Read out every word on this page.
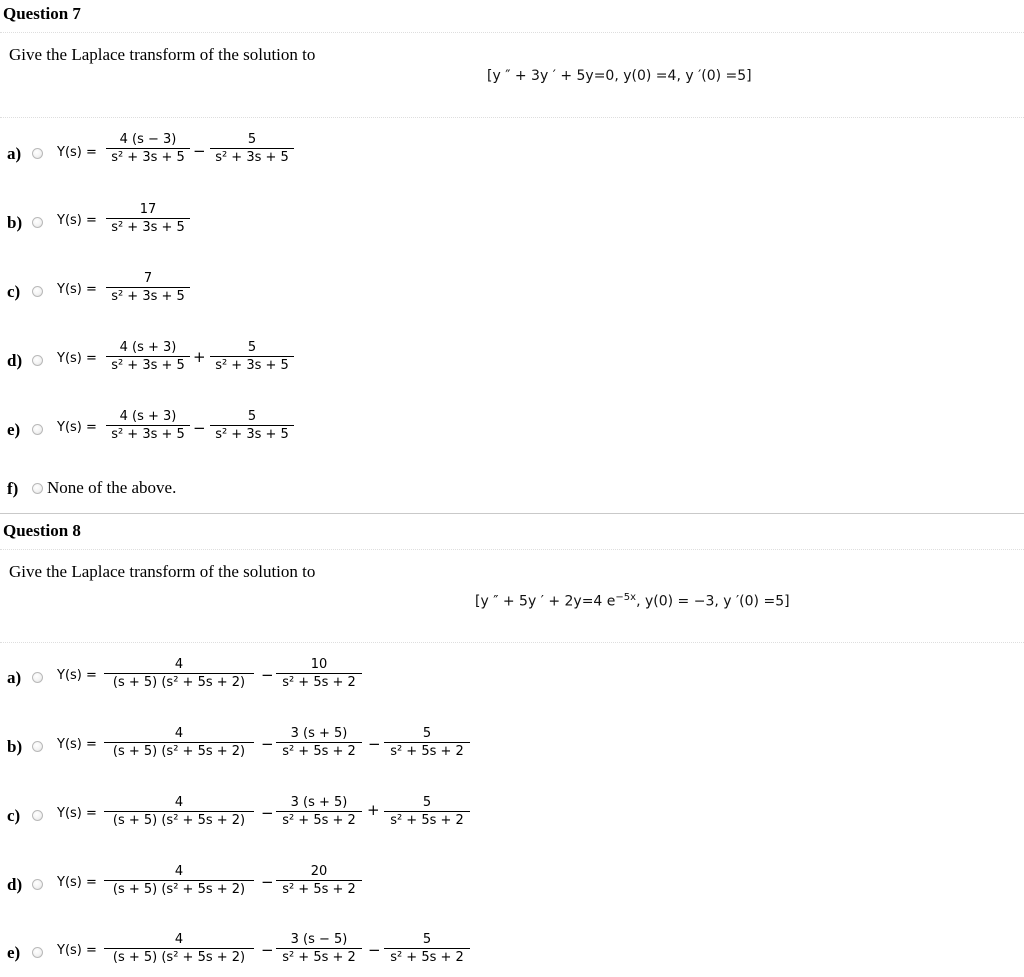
Question 7
Give the Laplace transform of the solution to
[y ″ + 3y ′ + 5y=0, y(0) =4, y ′(0) =5]
a)	Y(s) =
4 (s − 3)
s² + 3s + 5 −
5
s² + 3s + 5
b)	Y(s) =
17
s² + 3s + 5
c)	Y(s) =
7
s² + 3s + 5
d)	Y(s) =
4 (s + 3)
s² + 3s + 5 +
5
s² + 3s + 5
e)	Y(s) =
4 (s + 3)
s² + 3s + 5 −
5
s² + 3s + 5
f) None of the above.
Question 8
Give the Laplace transform of the solution to
[y ″ + 5y ′ + 2y=4 $e^{-5x}$, y(0) = −3, y ′(0) =5]
a)	Y(s) =
4
(s + 5) (s² + 5s + 2)	−
10
s² + 5s + 2
b)	Y(s) =
4
(s + 5) (s² + 5s + 2)	−
3 (s + 5)
s² + 5s + 2 −
5
s² + 5s + 2
c)	Y(s) =
4
(s + 5) (s² + 5s + 2)	−
3 (s + 5)
s² + 5s + 2
+	5
s² + 5s + 2
d)	Y(s) =
4
(s + 5) (s² + 5s + 2)	−
20
s² + 5s + 2
e)	Y(s) =
4
(s + 5) (s² + 5s + 2)	−
3 (s − 5)
s² + 5s + 2 −
5
s² + 5s + 2
